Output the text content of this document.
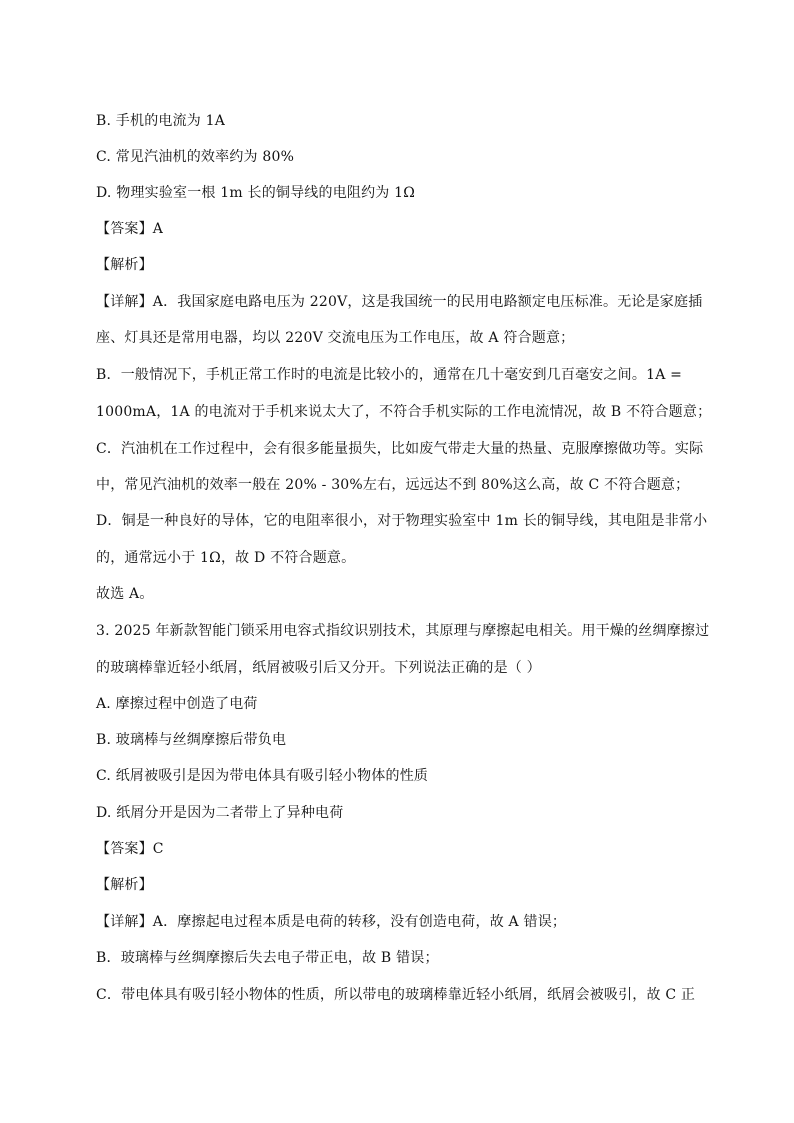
B. 手机的电流为 1A
C. 常见汽油机的效率约为 80%
D. 物理实验室一根 1m 长的铜导线的电阻约为 1Ω
【答案】A
【解析】
【详解】A．我国家庭电路电压为 220V，这是我国统一的民用电路额定电压标准。无论是家庭插
座、灯具还是常用电器，均以 220V 交流电压为工作电压，故 A 符合题意；
B．一般情况下，手机正常工作时的电流是比较小的，通常在几十毫安到几百毫安之间。1A =
1000mA，1A 的电流对于手机来说太大了，不符合手机实际的工作电流情况，故 B 不符合题意；
C．汽油机在工作过程中，会有很多能量损失，比如废气带走大量的热量、克服摩擦做功等。实际
中，常见汽油机的效率一般在 20% - 30%左右，远远达不到 80%这么高，故 C 不符合题意；
D．铜是一种良好的导体，它的电阻率很小，对于物理实验室中 1m 长的铜导线，其电阻是非常小
的，通常远小于 1Ω，故 D 不符合题意。
故选 A。
3. 2025 年新款智能门锁采用电容式指纹识别技术，其原理与摩擦起电相关。用干燥的丝绸摩擦过
的玻璃棒靠近轻小纸屑，纸屑被吸引后又分开。下列说法正确的是（ ）
A. 摩擦过程中创造了电荷
B. 玻璃棒与丝绸摩擦后带负电
C. 纸屑被吸引是因为带电体具有吸引轻小物体的性质
D. 纸屑分开是因为二者带上了异种电荷
【答案】C
【解析】
【详解】A．摩擦起电过程本质是电荷的转移，没有创造电荷，故 A 错误；
B．玻璃棒与丝绸摩擦后失去电子带正电，故 B 错误；
C．带电体具有吸引轻小物体的性质，所以带电的玻璃棒靠近轻小纸屑，纸屑会被吸引，故 C 正
